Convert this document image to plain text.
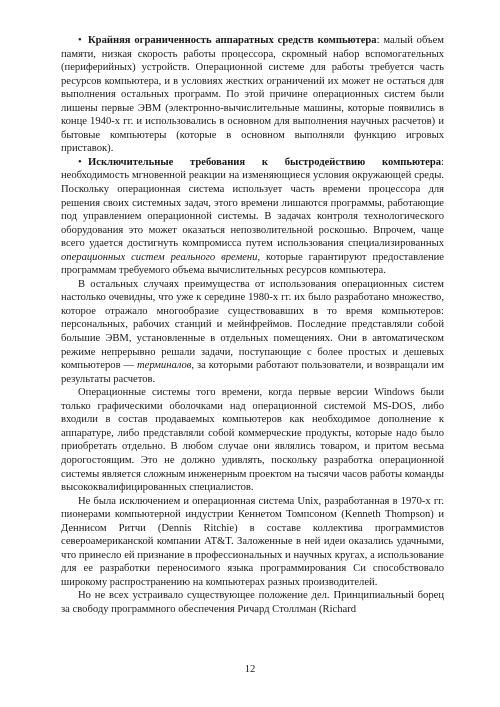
• Крайняя ограниченность аппаратных средств компьютера: малый объем памяти, низкая скорость работы процессора, скромный набор вспомогательных (периферийных) устройств. Операционной системе для работы требуется часть ресурсов компьютера, и в условиях жестких ограничений их может не остаться для выполнения остальных программ. По этой причине операционных систем были лишены первые ЭВМ (электронно-вычислительные машины, которые появились в конце 1940-х гг. и использовались в основном для выполнения научных расчетов) и бытовые компьютеры (которые в основном выполняли функцию игровых приставок).

• Исключительные требования к быстродействию компьютера: необходимость мгновенной реакции на изменяющиеся условия окружающей среды. Поскольку операционная система использует часть времени процессора для решения своих системных задач, этого времени лишаются программы, работающие под управлением операционной системы. В задачах контроля технологического оборудования это может оказаться непозволительной роскошью. Впрочем, чаще всего удается достигнуть компромисса путем использования специализированных операционных систем реального времени, которые гарантируют предоставление программам требуемого объема вычислительных ресурсов компьютера.

В остальных случаях преимущества от использования операционных систем настолько очевидны, что уже к середине 1980-х гг. их было разработано множество, которое отражало многообразие существовавших в то время компьютеров: персональных, рабочих станций и мейнфреймов. Последние представляли собой большие ЭВМ, установленные в отдельных помещениях. Они в автоматическом режиме непрерывно решали задачи, поступающие с более простых и дешевых компьютеров — терминалов, за которыми работают пользователи, и возвращали им результаты расчетов.

Операционные системы того времени, когда первые версии Windows были только графическими оболочками над операционной системой MS-DOS, либо входили в состав продаваемых компьютеров как необходимое дополнение к аппаратуре, либо представляли собой коммерческие продукты, которые надо было приобретать отдельно. В любом случае они являлись товаром, и притом весьма дорогостоящим. Это не должно удивлять, поскольку разработка операционной системы является сложным инженерным проектом на тысячи часов работы команды высококвалифицированных специалистов.

Не была исключением и операционная система Unix, разработанная в 1970-х гг. пионерами компьютерной индустрии Кеннетом Томпсоном (Kenneth Thompson) и Деннисом Ритчи (Dennis Ritchie) в составе коллектива программистов североамериканской компании AT&T. Заложенные в ней идеи оказались удачными, что принесло ей признание в профессиональных и научных кругах, а использование для ее разработки переносимого языка программирования Си способствовало широкому распространению на компьютерах разных производителей.

Но не всех устраивало существующее положение дел. Принципиальный борец за свободу программного обеспечения Ричард Столлман (Richard

12
